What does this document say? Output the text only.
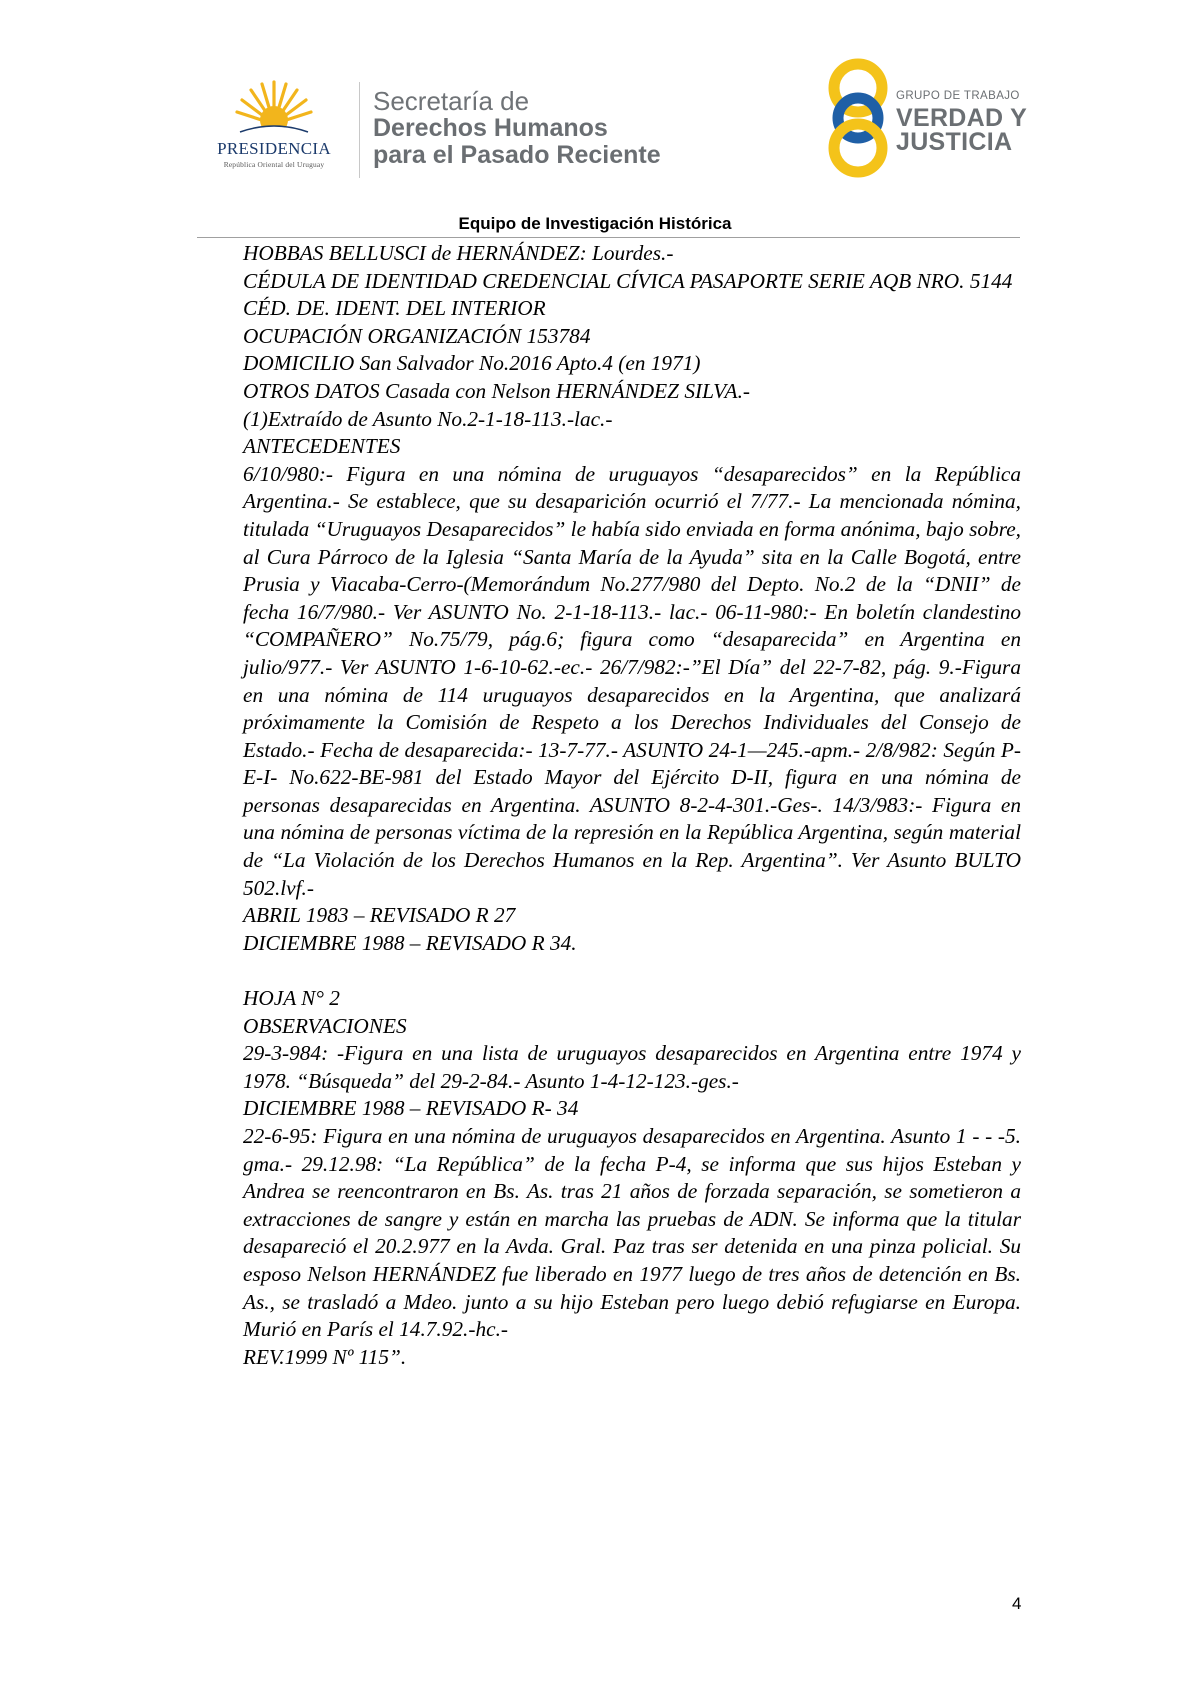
PRESIDENCIA
República Oriental del Uruguay
Secretaría de
Derechos Humanos
para el Pasado Reciente
GRUPO DE TRABAJO
VERDAD Y
JUSTICIA
Equipo de Investigación Histórica

HOBBAS BELLUSCI de HERNÁNDEZ: Lourdes.-

CÉDULA DE IDENTIDAD CREDENCIAL CÍVICA PASAPORTE SERIE AQB NRO. 5144

CÉD. DE. IDENT. DEL INTERIOR

OCUPACIÓN ORGANIZACIÓN 153784

DOMICILIO San Salvador No.2016 Apto.4 (en 1971)

OTROS DATOS Casada con Nelson HERNÁNDEZ SILVA.-

(1)Extraído de Asunto No.2-1-18-113.-lac.-

ANTECEDENTES

6/10/980:- Figura en una nómina de uruguayos “desaparecidos” en la República Argentina.- Se establece, que su desaparición ocurrió el 7/77.- La mencionada nómina, titulada “Uruguayos Desaparecidos” le había sido enviada en forma anónima, bajo sobre, al Cura Párroco de la Iglesia “Santa María de la Ayuda” sita en la Calle Bogotá, entre Prusia y Viacaba-Cerro-(Memorándum No.277/980 del Depto. No.2 de la “DNII” de fecha 16/7/980.- Ver ASUNTO No. 2-1-18-113.- lac.- 06-11-980:- En boletín clandestino “COMPAÑERO” No.75/79, pág.6; figura como “desaparecida” en Argentina en julio/977.- Ver ASUNTO 1-6-10-62.-ec.- 26/7/982:-”El Día” del 22-7-82, pág. 9.-Figura en una nómina de 114 uruguayos desaparecidos en la Argentina, que analizará próximamente la Comisión de Respeto a los Derechos Individuales del Consejo de Estado.- Fecha de desaparecida:- 13-7-77.- ASUNTO 24-1—245.-apm.- 2/8/982: Según P-E-I- No.622-BE-981 del Estado Mayor del Ejército D-II, figura en una nómina de personas desaparecidas en Argentina. ASUNTO 8-2-4-301.-Ges-. 14/3/983:- Figura en una nómina de personas víctima de la represión en la República Argentina, según material de “La Violación de los Derechos Humanos en la Rep. Argentina”. Ver Asunto BULTO 502.lvf.-

ABRIL 1983 – REVISADO R 27

DICIEMBRE 1988 – REVISADO R 34.

HOJA N° 2

OBSERVACIONES

29-3-984: -Figura en una lista de uruguayos desaparecidos en Argentina entre 1974 y 1978. “Búsqueda” del 29-2-84.- Asunto 1-4-12-123.-ges.-

DICIEMBRE 1988 – REVISADO R- 34

22-6-95: Figura en una nómina de uruguayos desaparecidos en Argentina. Asunto 1 - - -5. gma.- 29.12.98: “La República” de la fecha P-4, se informa que sus hijos Esteban y Andrea se reencontraron en Bs. As. tras 21 años de forzada separación, se sometieron a extracciones de sangre y están en marcha las pruebas de ADN. Se informa que la titular desapareció el 20.2.977 en la Avda. Gral. Paz tras ser detenida en una pinza policial. Su esposo Nelson HERNÁNDEZ fue liberado en 1977 luego de tres años de detención en Bs. As., se trasladó a Mdeo. junto a su hijo Esteban pero luego debió refugiarse en Europa. Murió en París el 14.7.92.-hc.-

REV.1999 Nº 115”.

4
